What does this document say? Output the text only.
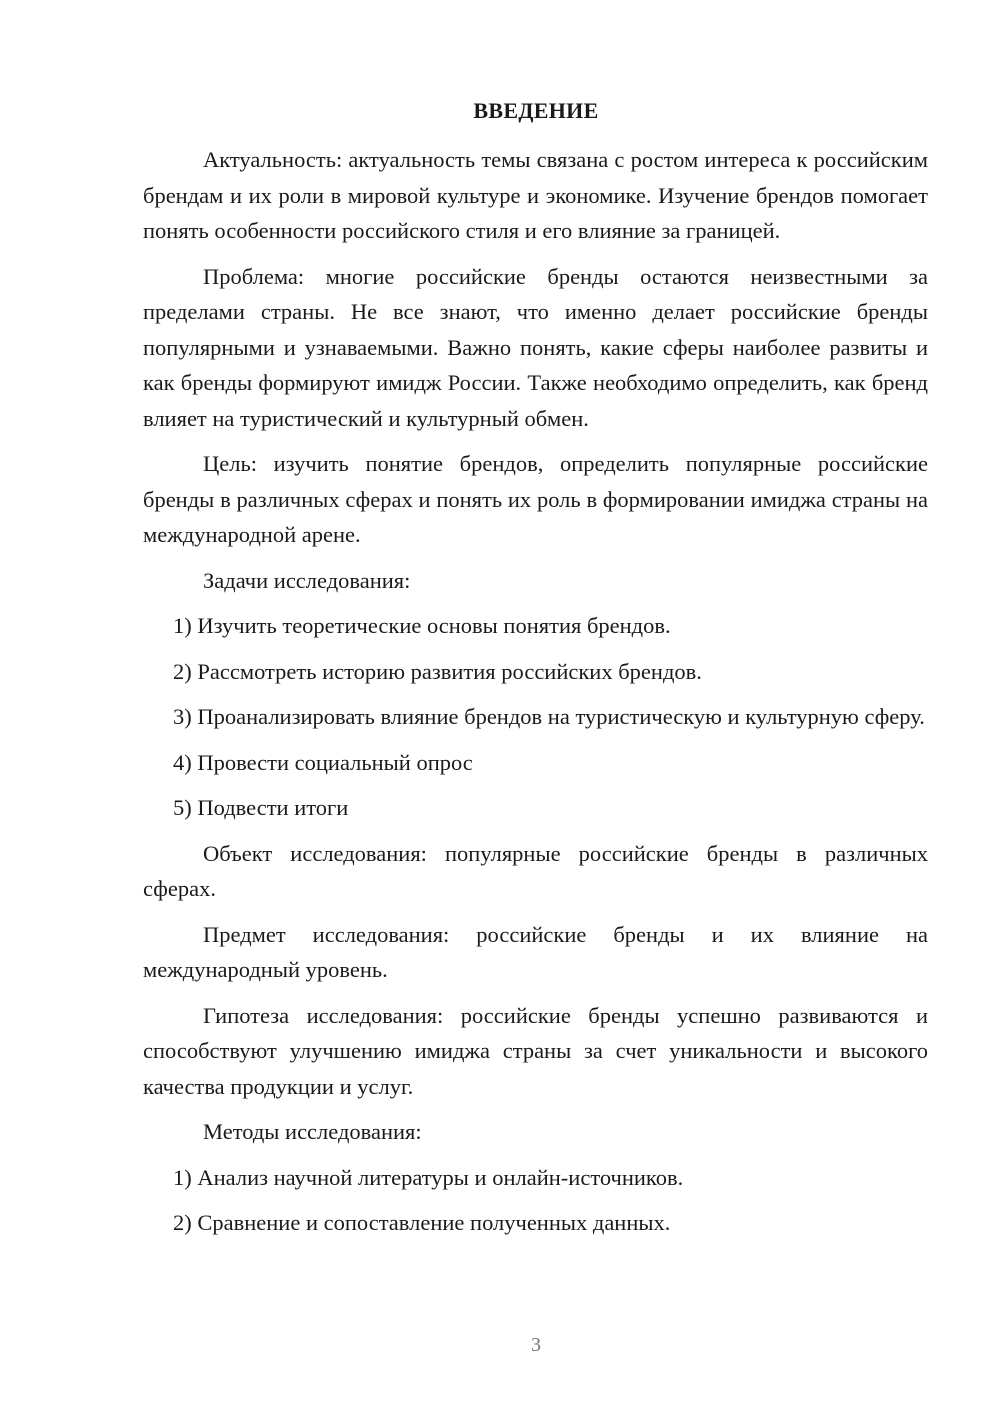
ВВЕДЕНИЕ

Актуальность: актуальность темы связана с ростом интереса к российским брендам и их роли в мировой культуре и экономике. Изучение брендов помогает понять особенности российского стиля и его влияние за границей.

Проблема: многие российские бренды остаются неизвестными за пределами страны. Не все знают, что именно делает российские бренды популярными и узнаваемыми. Важно понять, какие сферы наиболее развиты и как бренды формируют имидж России. Также необходимо определить, как бренд влияет на туристический и культурный обмен.

Цель: изучить понятие брендов, определить популярные российские бренды в различных сферах и понять их роль в формировании имиджа страны на международной арене.

Задачи исследования:

1) Изучить теоретические основы понятия брендов.

2) Рассмотреть историю развития российских брендов.

3) Проанализировать влияние брендов на туристическую и культурную сферу.

4) Провести социальный опрос

5) Подвести итоги

Объект исследования: популярные российские бренды в различных сферах.

Предмет исследования: российские бренды и их влияние на международный уровень.

Гипотеза исследования: российские бренды успешно развиваются и способствуют улучшению имиджа страны за счет уникальности и высокого качества продукции и услуг.

Методы исследования:

1) Анализ научной литературы и онлайн-источников.

2) Сравнение и сопоставление полученных данных.

3
